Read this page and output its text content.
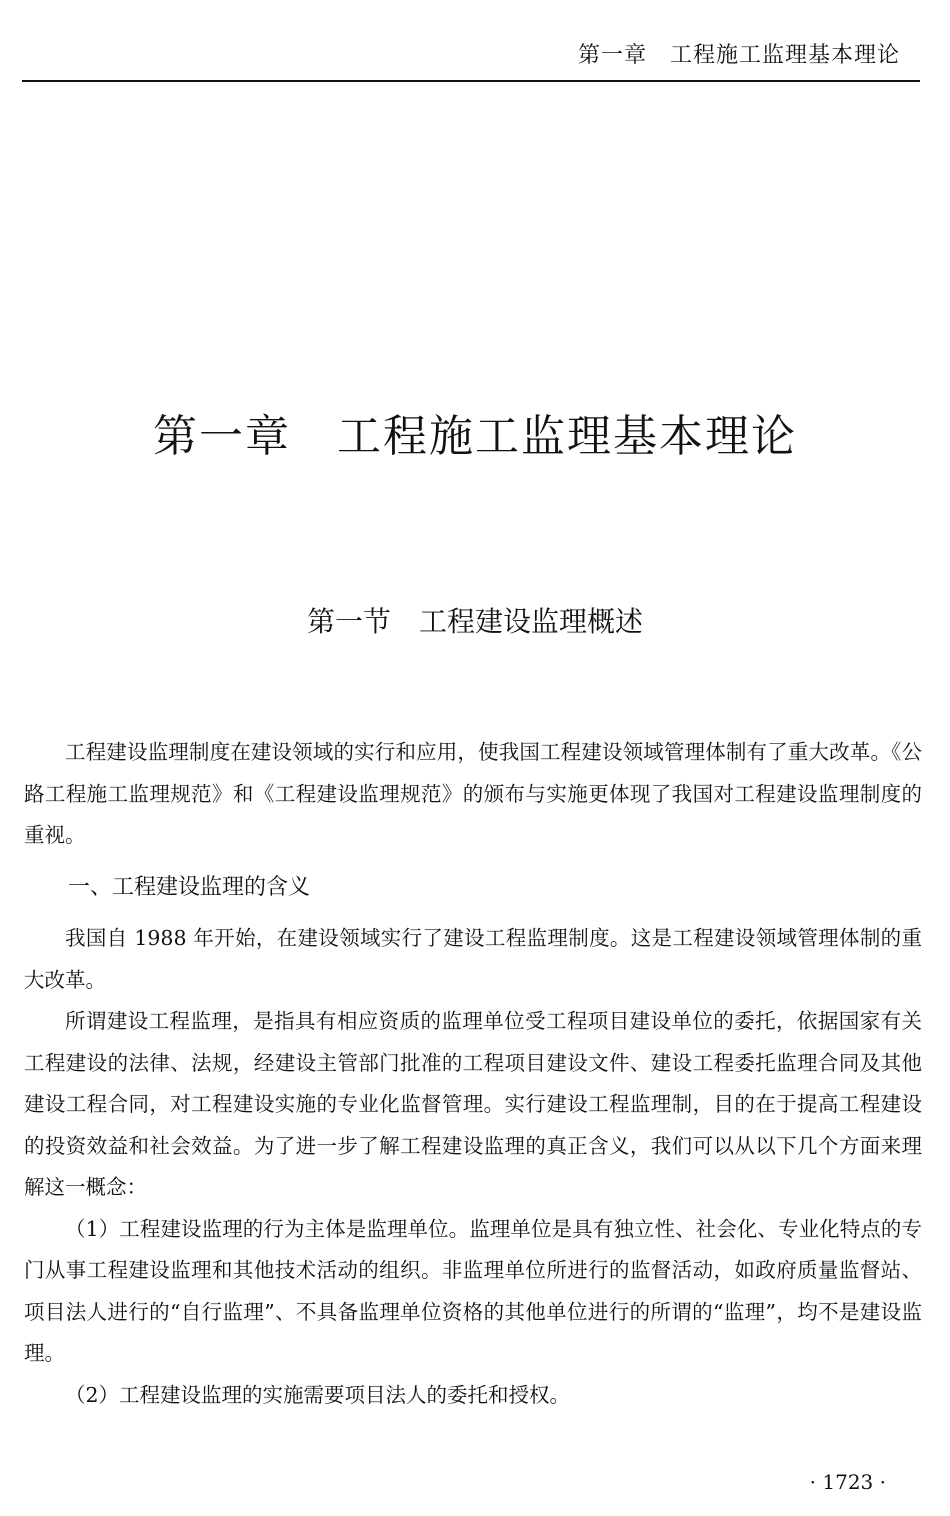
第一章　工程施工监理基本理论
第一章　工程施工监理基本理论
第一节　工程建设监理概述

工程建设监理制度在建设领域的实行和应用，使我国工程建设领域管理体制有了重大改革。《公路工程施工监理规范》和《工程建设监理规范》的颁布与实施更体现了我国对工程建设监理制度的重视。

一、工程建设监理的含义

我国自 1988 年开始，在建设领域实行了建设工程监理制度。这是工程建设领域管理体制的重大改革。

所谓建设工程监理，是指具有相应资质的监理单位受工程项目建设单位的委托，依据国家有关工程建设的法律、法规，经建设主管部门批准的工程项目建设文件、建设工程委托监理合同及其他建设工程合同，对工程建设实施的专业化监督管理。实行建设工程监理制，目的在于提高工程建设的投资效益和社会效益。为了进一步了解工程建设监理的真正含义，我们可以从以下几个方面来理解这一概念：

（1）工程建设监理的行为主体是监理单位。监理单位是具有独立性、社会化、专业化特点的专门从事工程建设监理和其他技术活动的组织。非监理单位所进行的监督活动，如政府质量监督站、项目法人进行的“自行监理”、不具备监理单位资格的其他单位进行的所谓的“监理”，均不是建设监理。

（2）工程建设监理的实施需要项目法人的委托和授权。

· 1723 ·
